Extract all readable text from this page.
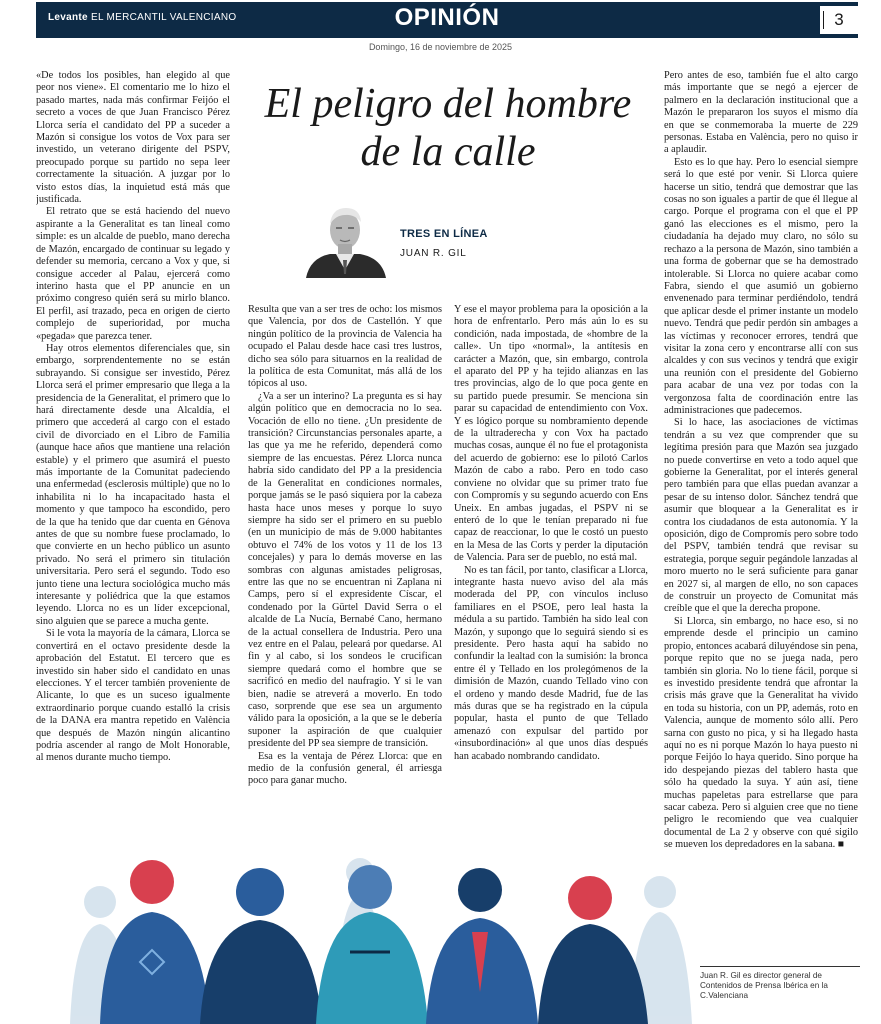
Levante EL MERCANTIL VALENCIANO	OPINIÓN	3
Domingo, 16 de noviembre de 2025
El peligro del hombre de la calle
TRES EN LÍNEA
JUAN R. GIL

«De todos los posibles, han elegido al que peor nos viene». El comentario me lo hizo el pasado martes, nada más confirmar Feijóo el secreto a voces de que Juan Francisco Pérez Llorca sería el candidato del PP a suceder a Mazón si consigue los votos de Vox para ser investido, un veterano dirigente del PSPV, preocupado porque su partido no sepa leer correctamente la situación. A juzgar por lo visto estos días, la inquietud está más que justificada.

El retrato que se está haciendo del nuevo aspirante a la Generalitat es tan lineal como simple: es un alcalde de pueblo, mano derecha de Mazón, encargado de continuar su legado y defender su memoria, cercano a Vox y que, si consigue acceder al Palau, ejercerá como interino hasta que el PP anuncie en un próximo congreso quién será su mirlo blanco. El perfil, así trazado, peca en origen de cierto complejo de superioridad, por mucha «pegada» que parezca tener.

Hay otros elementos diferenciales que, sin embargo, sorprendentemente no se están subrayando. Si consigue ser investido, Pérez Llorca será el primer empresario que llega a la presidencia de la Generalitat, el primero que lo hará directamente desde una Alcaldía, el primero que accederá al cargo con el estado civil de divorciado en el Libro de Familia (aunque hace años que mantiene una relación estable) y el primero que asumirá el puesto más importante de la Comunitat padeciendo una enfermedad (esclerosis múltiple) que no lo inhabilita ni lo ha incapacitado hasta el momento y que tampoco ha escondido, pero de la que ha tenido que dar cuenta en Génova antes de que su nombre fuese proclamado, lo que convierte en un hecho público un asunto privado. No será el primero sin titulación universitaria. Pero será el segundo. Todo eso junto tiene una lectura sociológica mucho más interesante y poliédrica que la que estamos leyendo. Llorca no es un líder excepcional, sino alguien que se parece a mucha gente.

Si le vota la mayoría de la cámara, Llorca se convertirá en el octavo presidente desde la aprobación del Estatut. El tercero que es investido sin haber sido el candidato en unas elecciones. Y el tercer también proveniente de Alicante, lo que es un suceso igualmente extraordinario porque cuando estalló la crisis de la DANA era mantra repetido en València que después de Mazón ningún alicantino podría ascender al rango de Molt Honorable, al menos durante mucho tiempo.

Resulta que van a ser tres de ocho: los mismos que Valencia, por dos de Castellón. Y que ningún político de la provincia de Valencia ha ocupado el Palau desde hace casi tres lustros, dicho sea sólo para situarnos en la realidad de la política de esta Comunitat, más allá de los tópicos al uso.

¿Va a ser un interino? La pregunta es si hay algún político que en democracia no lo sea. Vocación de ello no tiene. ¿Un presidente de transición? Circunstancias personales aparte, a las que ya me he referido, dependerá como siempre de las encuestas. Pérez Llorca nunca habría sido candidato del PP a la presidencia de la Generalitat en condiciones normales, porque jamás se le pasó siquiera por la cabeza hasta hace unos meses y porque lo suyo siempre ha sido ser el primero en su pueblo (en un municipio de más de 9.000 habitantes obtuvo el 74% de los votos y 11 de los 13 concejales) y para lo demás moverse en las sombras con algunas amistades peligrosas, entre las que no se encuentran ni Zaplana ni Camps, pero sí el expresidente Císcar, el condenado por la Gürtel David Serra o el alcalde de La Nucía, Bernabé Cano, hermano de la actual consellera de Industria. Pero una vez entre en el Palau, peleará por quedarse. Al fin y al cabo, si los sondeos le crucifican siempre quedará como el hombre que se sacrificó en medio del naufragio. Y si le van bien, nadie se atreverá a moverlo. En todo caso, sorprende que ese sea un argumento válido para la oposición, a la que se le debería suponer la aspiración de que cualquier presidente del PP sea siempre de transición.

Esa es la ventaja de Pérez Llorca: que en medio de la confusión general, él arriesga poco para ganar mucho.

Y ese el mayor problema para la oposición a la hora de enfrentarlo. Pero más aún lo es su condición, nada impostada, de «hombre de la calle». Un tipo «normal», la antítesis en carácter a Mazón, que, sin embargo, controla el aparato del PP y ha tejido alianzas en las tres provincias, algo de lo que poca gente en su partido puede presumir. Se menciona sin parar su capacidad de entendimiento con Vox. Y es lógico porque su nombramiento depende de la ultraderecha y con Vox ha pactado muchas cosas, aunque él no fue el protagonista del acuerdo de gobierno: ese lo pilotó Carlos Mazón de cabo a rabo. Pero en todo caso conviene no olvidar que su primer trato fue con Compromís y su segundo acuerdo con Ens Uneix. En ambas jugadas, el PSPV ni se enteró de lo que le tenían preparado ni fue capaz de reaccionar, lo que le costó un puesto en la Mesa de las Corts y perder la diputación de Valencia. Para ser de pueblo, no está mal.

No es tan fácil, por tanto, clasificar a Llorca, integrante hasta nuevo aviso del ala más moderada del PP, con vínculos incluso familiares en el PSOE, pero leal hasta la médula a su partido. También ha sido leal con Mazón, y supongo que lo seguirá siendo si es presidente. Pero hasta aquí ha sabido no confundir la lealtad con la sumisión: la bronca entre él y Tellado en los prolegómenos de la dimisión de Mazón, cuando Tellado vino con el ordeno y mando desde Madrid, fue de las más duras que se ha registrado en la cúpula popular, hasta el punto de que Tellado amenazó con expulsar del partido por «insubordinación» al que unos días después han acabado nombrando candidato.

Pero antes de eso, también fue el alto cargo más importante que se negó a ejercer de palmero en la declaración institucional que a Mazón le prepararon los suyos el mismo día en que se conmemoraba la muerte de 229 personas. Estaba en València, pero no quiso ir a aplaudir.

Esto es lo que hay. Pero lo esencial siempre será lo que esté por venir. Si Llorca quiere hacerse un sitio, tendrá que demostrar que las cosas no son iguales a partir de que él llegue al cargo. Porque el programa con el que el PP ganó las elecciones es el mismo, pero la ciudadanía ha dejado muy claro, no sólo su rechazo a la persona de Mazón, sino también a una forma de gobernar que se ha demostrado intolerable. Si Llorca no quiere acabar como Fabra, siendo el que asumió un gobierno envenenado para terminar perdiéndolo, tendrá que aplicar desde el primer instante un modelo nuevo. Tendrá que pedir perdón sin ambages a las víctimas y reconocer errores, tendrá que visitar la zona cero y encontrarse allí con sus alcaldes y con sus vecinos y tendrá que exigir una reunión con el presidente del Gobierno para acabar de una vez por todas con la vergonzosa falta de coordinación entre las administraciones que padecemos.

Si lo hace, las asociaciones de víctimas tendrán a su vez que comprender que su legítima presión para que Mazón sea juzgado no puede convertirse en veto a todo aquel que gobierne la Generalitat, por el interés general pero también para que ellas puedan avanzar a pesar de su intenso dolor. Sánchez tendrá que asumir que bloquear a la Generalitat es ir contra los ciudadanos de esta autonomía. Y la oposición, digo de Compromís pero sobre todo del PSPV, también tendrá que revisar su estrategia, porque seguir pegándole lanzadas al moro muerto no le será suficiente para ganar en 2027 si, al margen de ello, no son capaces de construir un proyecto de Comunitat más creíble que el que la derecha propone.

Si Llorca, sin embargo, no hace eso, si no emprende desde el principio un camino propio, entonces acabará diluyéndose sin pena, porque repito que no se juega nada, pero también sin gloria. No lo tiene fácil, porque si es investido presidente tendrá que afrontar la crisis más grave que la Generalitat ha vivido en toda su historia, con un PP, además, roto en Valencia, aunque de momento sólo allí. Pero sarna con gusto no pica, y si ha llegado hasta aquí no es ni porque Mazón lo haya puesto ni porque Feijóo lo haya querido. Sino porque ha ido despejando piezas del tablero hasta que sólo ha quedado la suya. Y aún así, tiene muchas papeletas para estrellarse que para sacar cabeza. Pero si alguien cree que no tiene peligro le recomiendo que vea cualquier documental de La 2 y observe con qué sigilo se mueven los depredadores en la sabana. ■

Juan R. Gil es director general de Contenidos de Prensa Ibérica en la C.Valenciana
